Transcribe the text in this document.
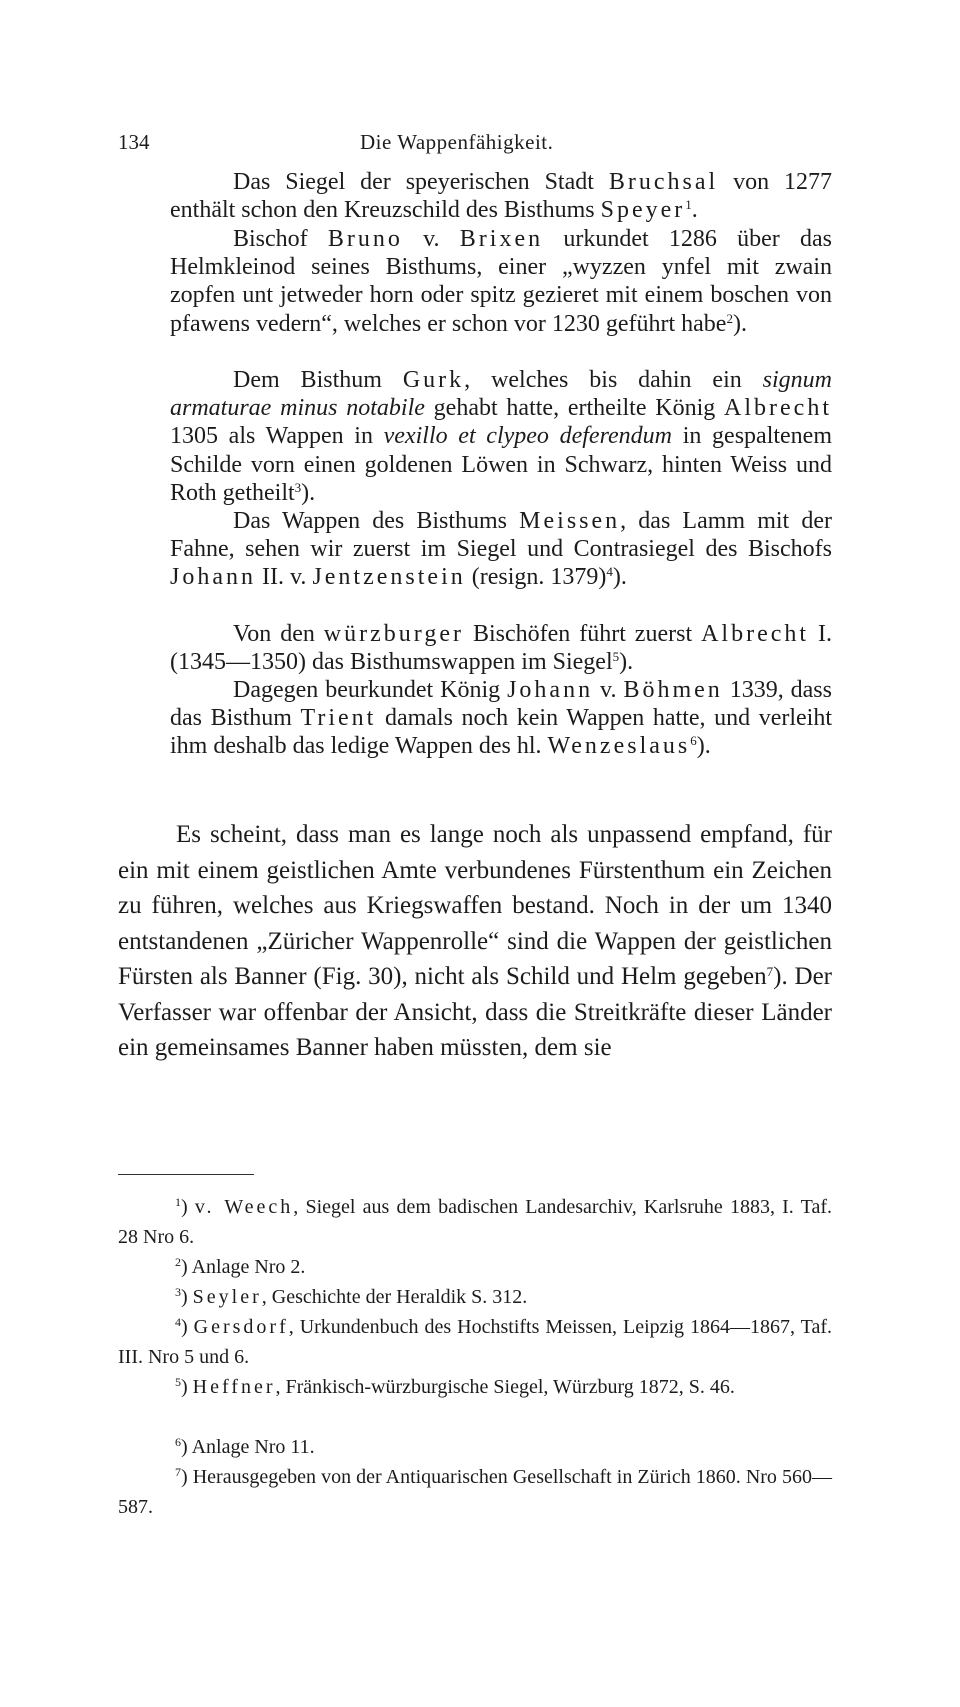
134	Die Wappenfähigkeit.

Das Siegel der speyerischen Stadt Bruchsal von 1277 enthält schon den Kreuzschild des Bisthums Speyer$^1$.

Bischof Bruno v. Brixen urkundet 1286 über das Helmkleinod seines Bisthums, einer „wyzzen ynfel mit zwain zopfen unt jetweder horn oder spitz gezieret mit einem boschen von pfawens vedern“, welches er schon vor 1230 geführt habe$^2$).

Dem Bisthum Gurk, welches bis dahin ein signum armaturae minus notabile gehabt hatte, ertheilte König Albrecht 1305 als Wappen in vexillo et clypeo deferendum in gespaltenem Schilde vorn einen goldenen Löwen in Schwarz, hinten Weiss und Roth getheilt$^3$).

Das Wappen des Bisthums Meissen, das Lamm mit der Fahne, sehen wir zuerst im Siegel und Contrasiegel des Bischofs Johann II. v. Jentzenstein (resign. 1379)$^4$).

Von den würzburger Bischöfen führt zuerst Albrecht I. (1345—1350) das Bisthumswappen im Siegel$^5$).

Dagegen beurkundet König Johann v. Böhmen 1339, dass das Bisthum Trient damals noch kein Wappen hatte, und verleiht ihm deshalb das ledige Wappen des hl. Wenzeslaus$^6$).

Es scheint, dass man es lange noch als unpassend empfand, für ein mit einem geistlichen Amte verbundenes Fürstenthum ein Zeichen zu führen, welches aus Kriegswaffen bestand. Noch in der um 1340 entstandenen „Züricher Wappenrolle“ sind die Wappen der geistlichen Fürsten als Banner (Fig. 30), nicht als Schild und Helm gegeben$^7$). Der Verfasser war offenbar der Ansicht, dass die Streitkräfte dieser Länder ein gemeinsames Banner haben müssten, dem sie

$^1$) v. Weech, Siegel aus dem badischen Landesarchiv, Karlsruhe 1883, I. Taf. 28 Nro 6.

$^2$) Anlage Nro 2.

$^3$) Seyler, Geschichte der Heraldik S. 312.

$^4$) Gersdorf, Urkundenbuch des Hochstifts Meissen, Leipzig 1864—1867, Taf. III. Nro 5 und 6.

$^5$) Heffner, Fränkisch-würzburgische Siegel, Würzburg 1872, S. 46.

$^6$) Anlage Nro 11.

$^7$) Herausgegeben von der Antiquarischen Gesellschaft in Zürich 1860. Nro 560—587.
